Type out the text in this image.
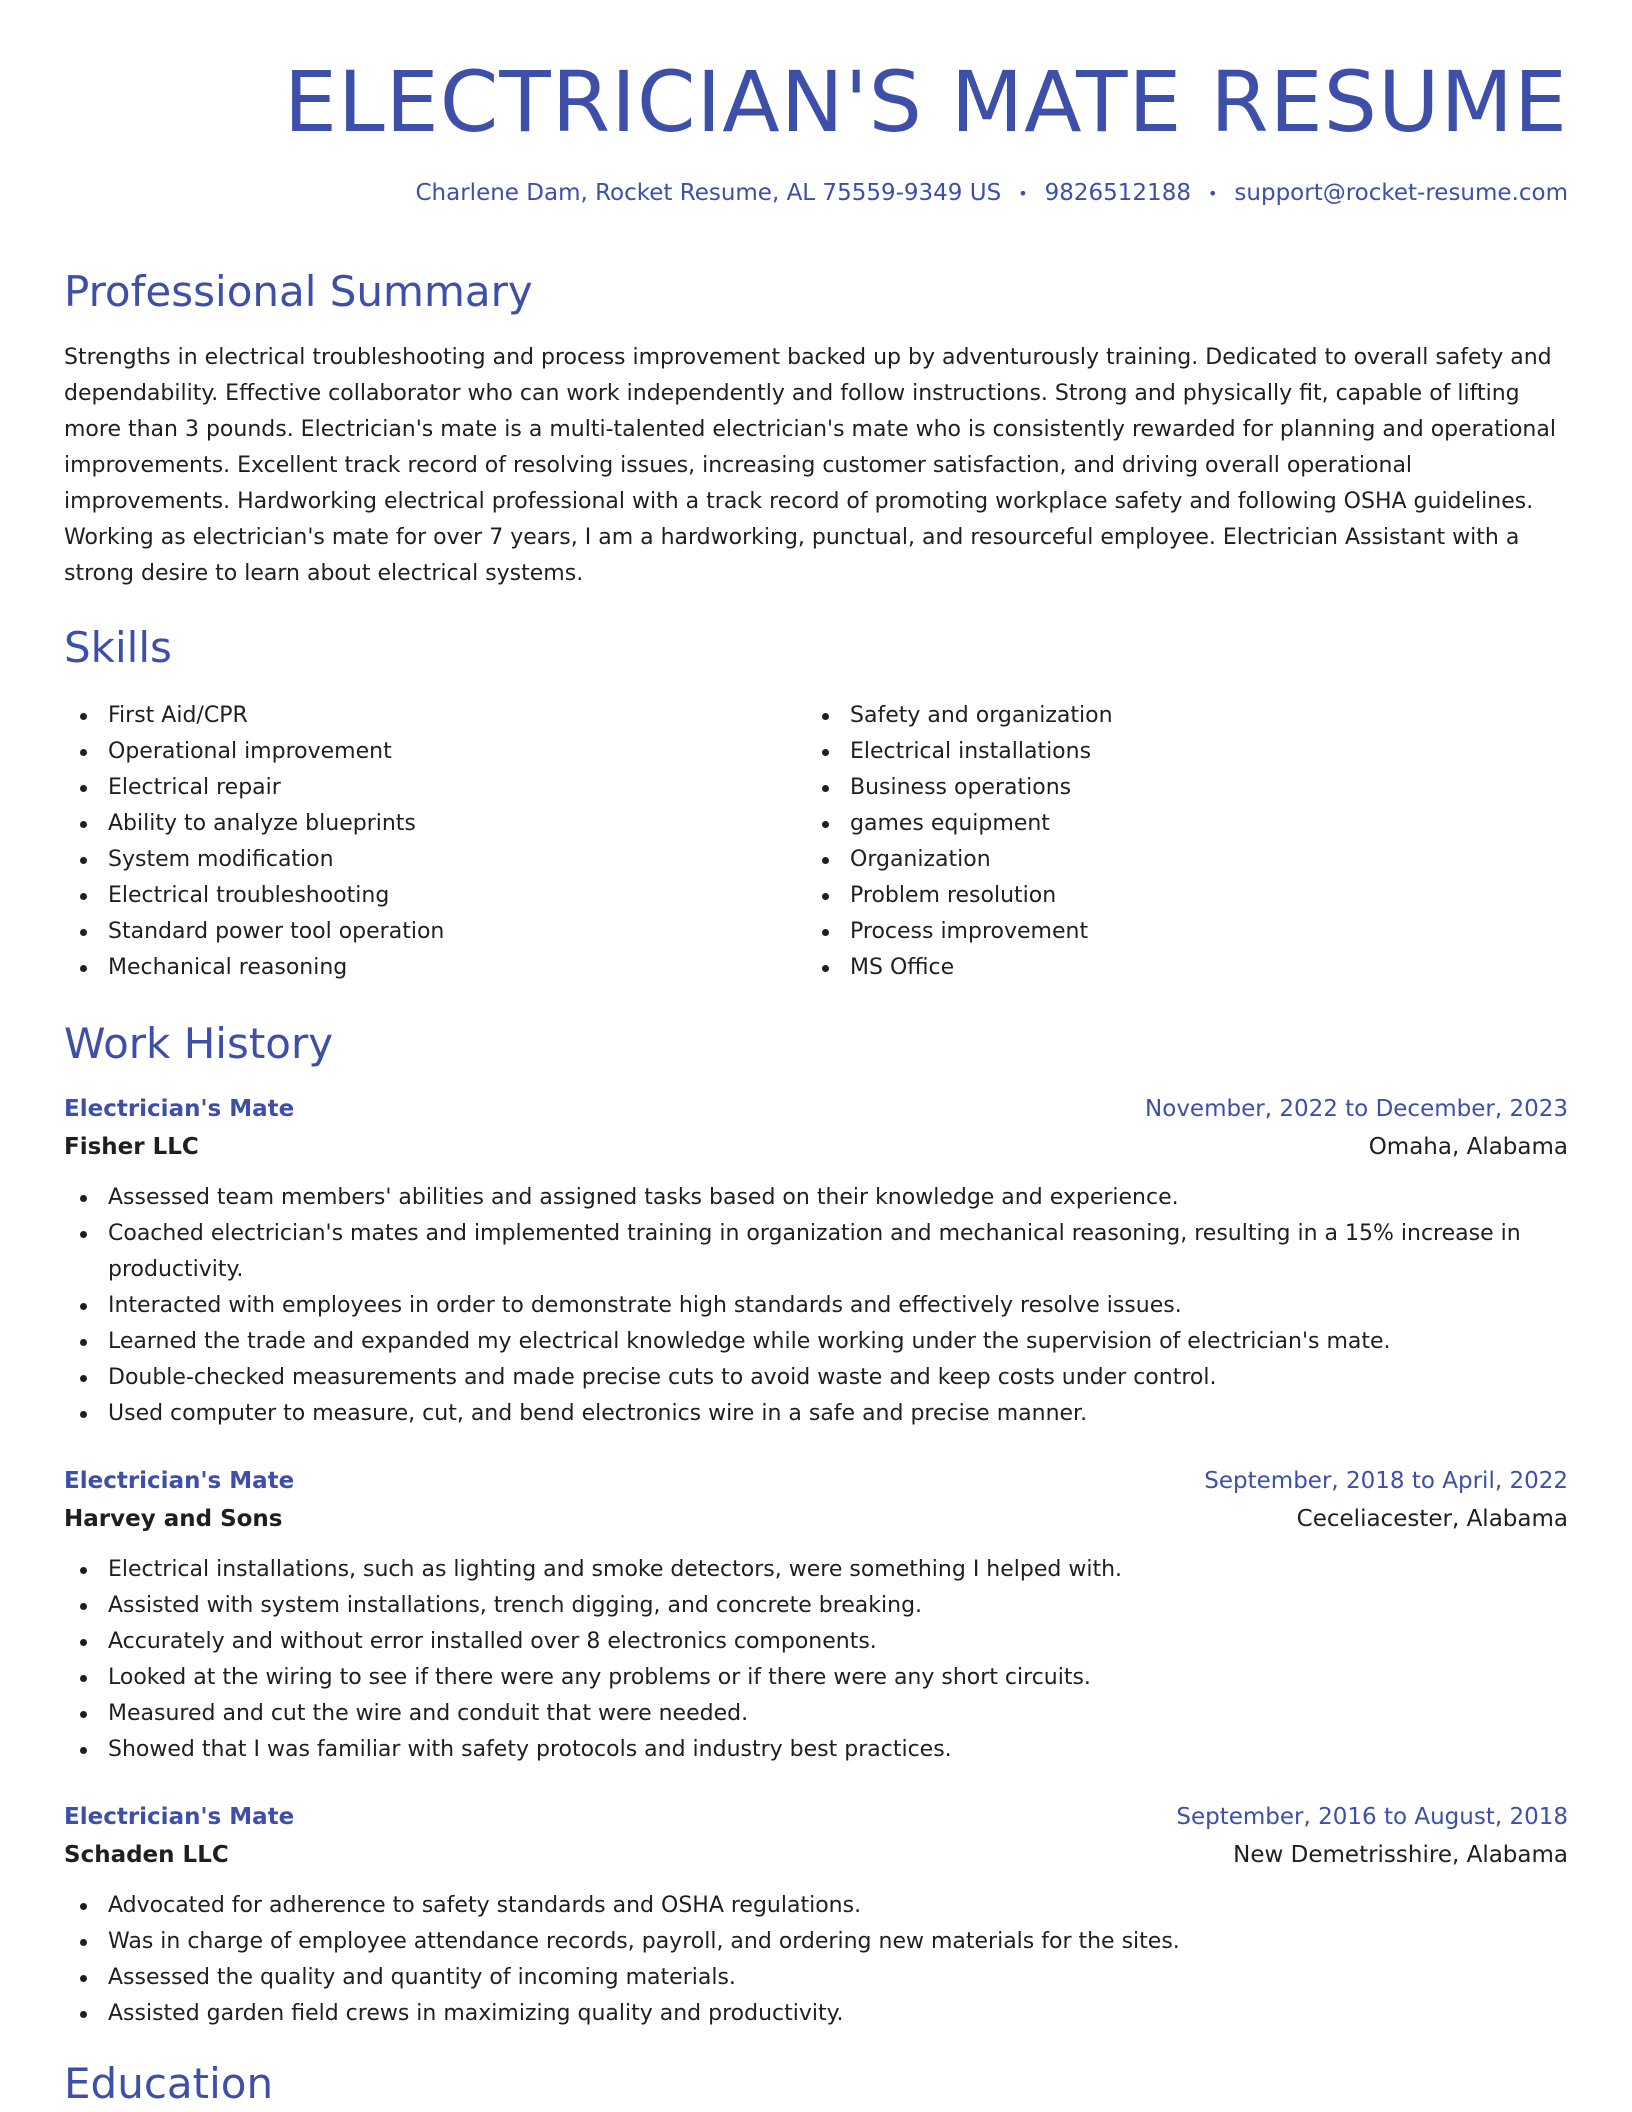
ELECTRICIAN'S MATE RESUME
Charlene Dam, Rocket Resume, AL 75559-9349 US • 9826512188 • support@rocket-resume.com
Professional Summary

Strengths in electrical troubleshooting and process improvement backed up by adventurously training. Dedicated to overall safety and dependability. Effective collaborator who can work independently and follow instructions. Strong and physically fit, capable of lifting more than 3 pounds. Electrician's mate is a multi-talented electrician's mate who is consistently rewarded for planning and operational improvements. Excellent track record of resolving issues, increasing customer satisfaction, and driving overall operational improvements. Hardworking electrical professional with a track record of promoting workplace safety and following OSHA guidelines. Working as electrician's mate for over 7 years, I am a hardworking, punctual, and resourceful employee. Electrician Assistant with a strong desire to learn about electrical systems.

Skills
First Aid/CPR
Operational improvement
Electrical repair
Ability to analyze blueprints
System modification
Electrical troubleshooting
Standard power tool operation
Mechanical reasoning
Safety and organization
Electrical installations
Business operations
games equipment
Organization
Problem resolution
Process improvement
MS Office
Work History
Electrician's Mate	November, 2022 to December, 2023
Fisher LLC	Omaha, Alabama
Assessed team members' abilities and assigned tasks based on their knowledge and experience.
Coached electrician's mates and implemented training in organization and mechanical reasoning, resulting in a 15% increase in productivity.
Interacted with employees in order to demonstrate high standards and effectively resolve issues.
Learned the trade and expanded my electrical knowledge while working under the supervision of electrician's mate.
Double-checked measurements and made precise cuts to avoid waste and keep costs under control.
Used computer to measure, cut, and bend electronics wire in a safe and precise manner.
Electrician's Mate	September, 2018 to April, 2022
Harvey and Sons	Ceceliacester, Alabama
Electrical installations, such as lighting and smoke detectors, were something I helped with.
Assisted with system installations, trench digging, and concrete breaking.
Accurately and without error installed over 8 electronics components.
Looked at the wiring to see if there were any problems or if there were any short circuits.
Measured and cut the wire and conduit that were needed.
Showed that I was familiar with safety protocols and industry best practices.
Electrician's Mate	September, 2016 to August, 2018
Schaden LLC	New Demetrisshire, Alabama
Advocated for adherence to safety standards and OSHA regulations.
Was in charge of employee attendance records, payroll, and ordering new materials for the sites.
Assessed the quality and quantity of incoming materials.
Assisted garden field crews in maximizing quality and productivity.
Education
